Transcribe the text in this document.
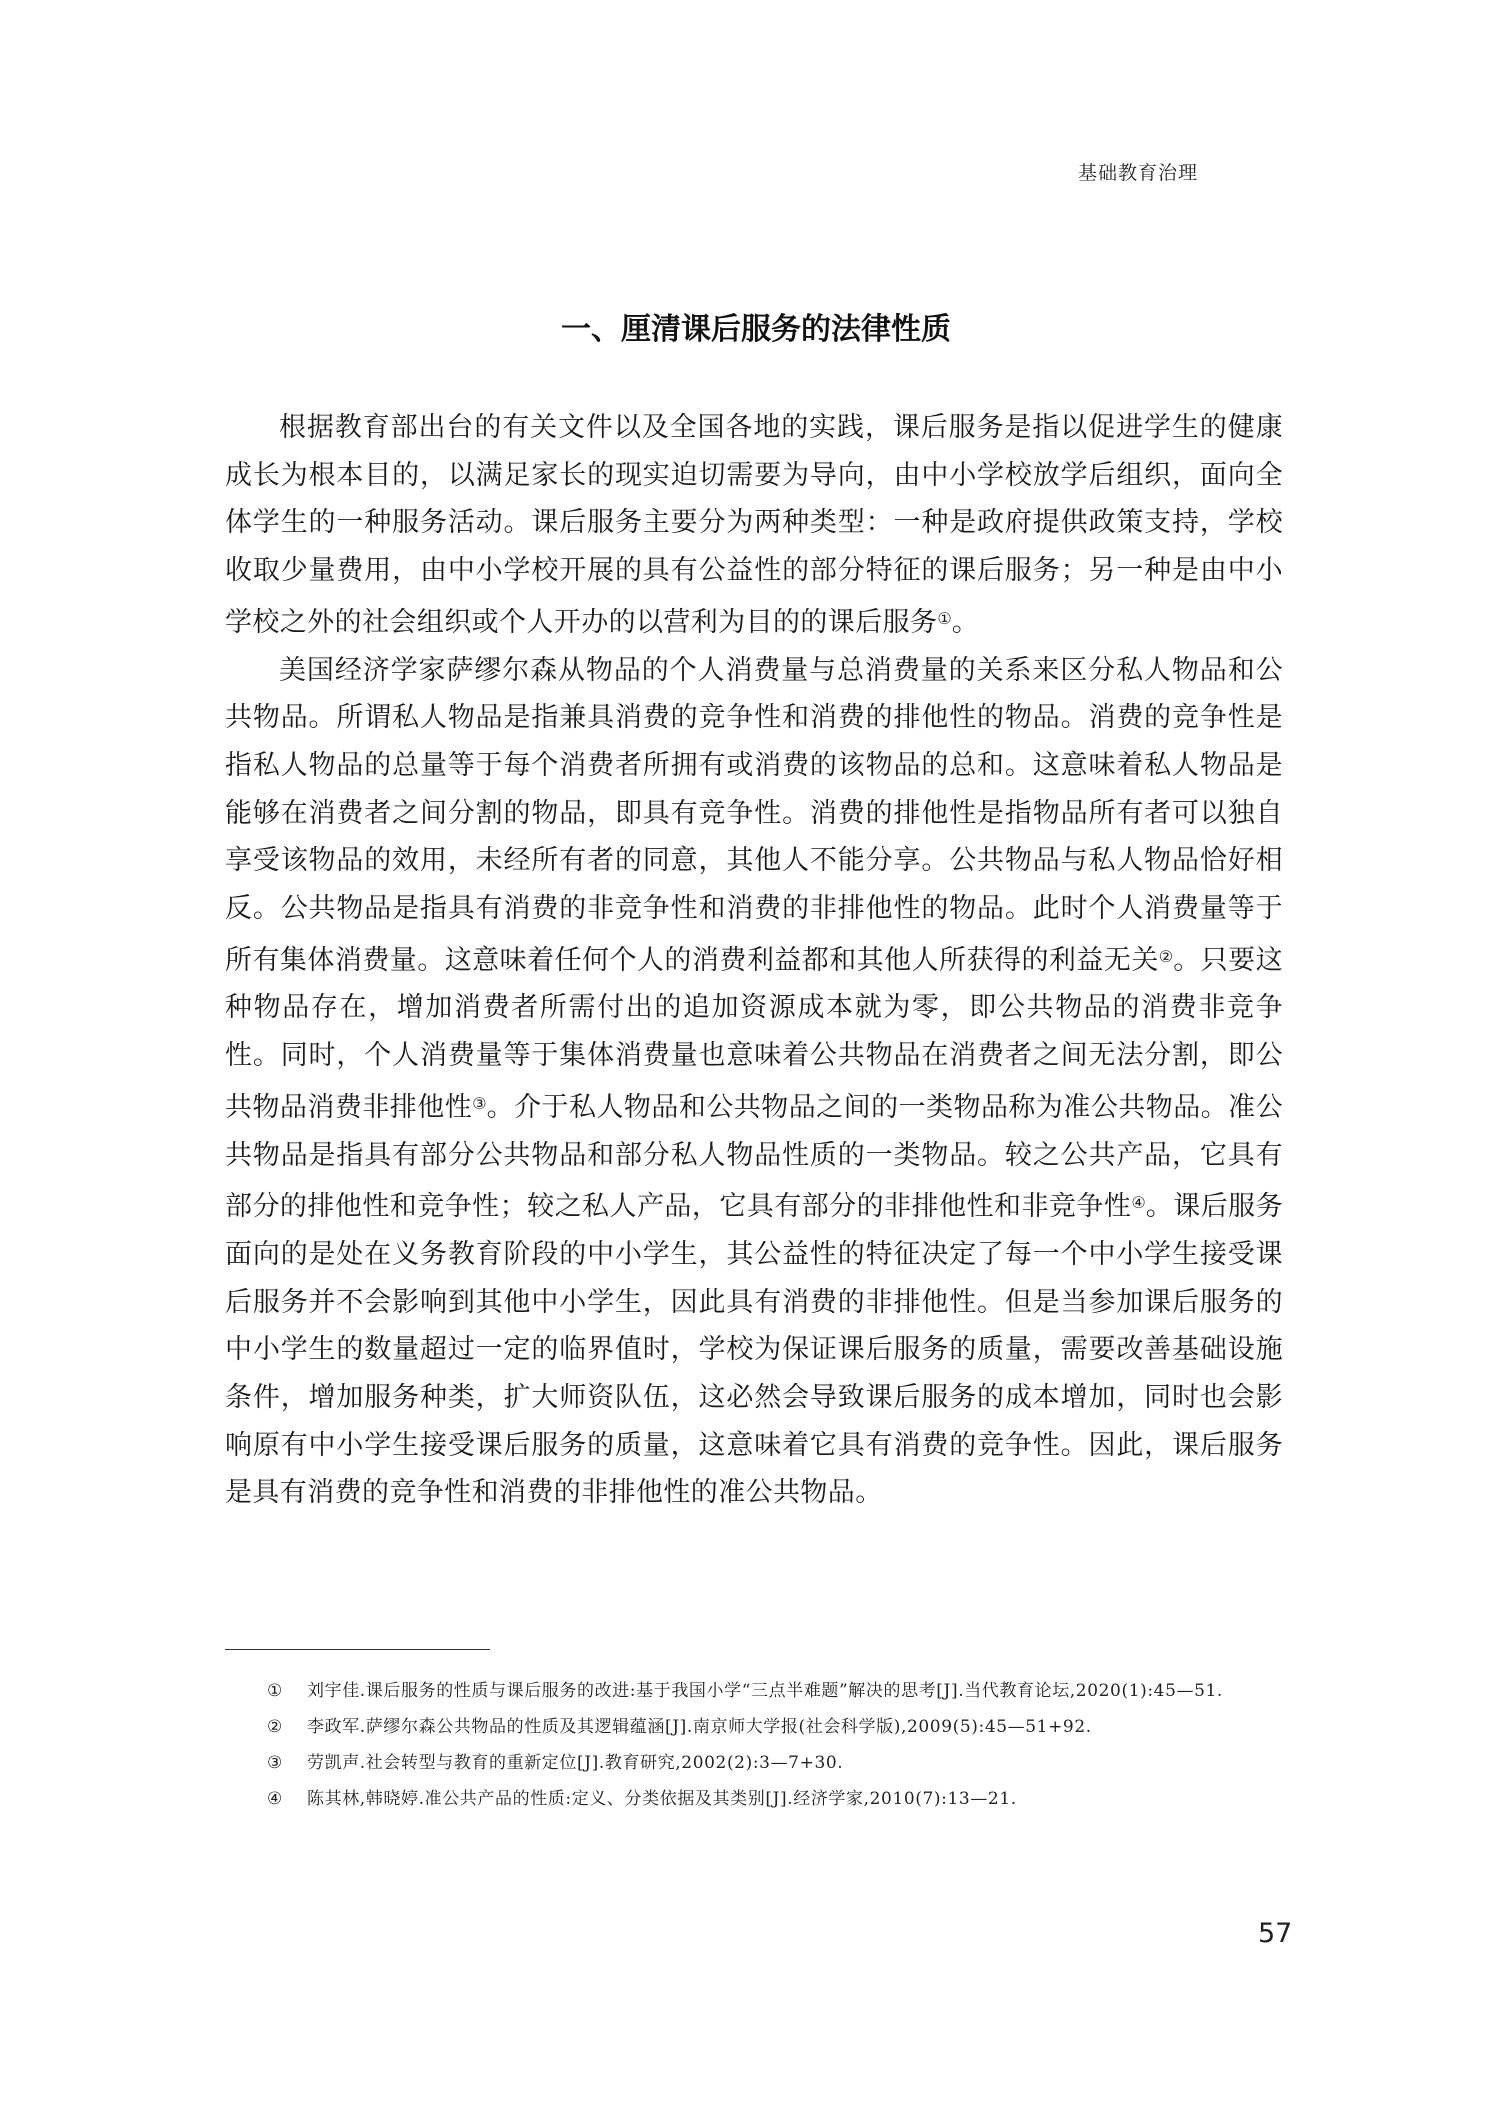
基础教育治理
一、厘清课后服务的法律性质

根据教育部出台的有关文件以及全国各地的实践，课后服务是指以促进学生的健康成长为根本目的，以满足家长的现实迫切需要为导向，由中小学校放学后组织，面向全体学生的一种服务活动。课后服务主要分为两种类型：一种是政府提供政策支持，学校收取少量费用，由中小学校开展的具有公益性的部分特征的课后服务；另一种是由中小学校之外的社会组织或个人开办的以营利为目的的课后服务①。

美国经济学家萨缪尔森从物品的个人消费量与总消费量的关系来区分私人物品和公共物品。所谓私人物品是指兼具消费的竞争性和消费的排他性的物品。消费的竞争性是指私人物品的总量等于每个消费者所拥有或消费的该物品的总和。这意味着私人物品是能够在消费者之间分割的物品，即具有竞争性。消费的排他性是指物品所有者可以独自享受该物品的效用，未经所有者的同意，其他人不能分享。公共物品与私人物品恰好相反。公共物品是指具有消费的非竞争性和消费的非排他性的物品。此时个人消费量等于所有集体消费量。这意味着任何个人的消费利益都和其他人所获得的利益无关②。只要这种物品存在，增加消费者所需付出的追加资源成本就为零，即公共物品的消费非竞争性。同时，个人消费量等于集体消费量也意味着公共物品在消费者之间无法分割，即公共物品消费非排他性③。介于私人物品和公共物品之间的一类物品称为准公共物品。准公共物品是指具有部分公共物品和部分私人物品性质的一类物品。较之公共产品，它具有部分的排他性和竞争性；较之私人产品，它具有部分的非排他性和非竞争性④。课后服务面向的是处在义务教育阶段的中小学生，其公益性的特征决定了每一个中小学生接受课后服务并不会影响到其他中小学生，因此具有消费的非排他性。但是当参加课后服务的中小学生的数量超过一定的临界值时，学校为保证课后服务的质量，需要改善基础设施条件，增加服务种类，扩大师资队伍，这必然会导致课后服务的成本增加，同时也会影响原有中小学生接受课后服务的质量，这意味着它具有消费的竞争性。因此，课后服务是具有消费的竞争性和消费的非排他性的准公共物品。

① 刘宇佳.课后服务的性质与课后服务的改进:基于我国小学“三点半难题”解决的思考[J].当代教育论坛,2020(1):45—51.

② 李政军.萨缪尔森公共物品的性质及其逻辑蕴涵[J].南京师大学报(社会科学版),2009(5):45—51+92.

③ 劳凯声.社会转型与教育的重新定位[J].教育研究,2002(2):3—7+30.

④ 陈其林,韩晓婷.准公共产品的性质:定义、分类依据及其类别[J].经济学家,2010(7):13—21.

57
